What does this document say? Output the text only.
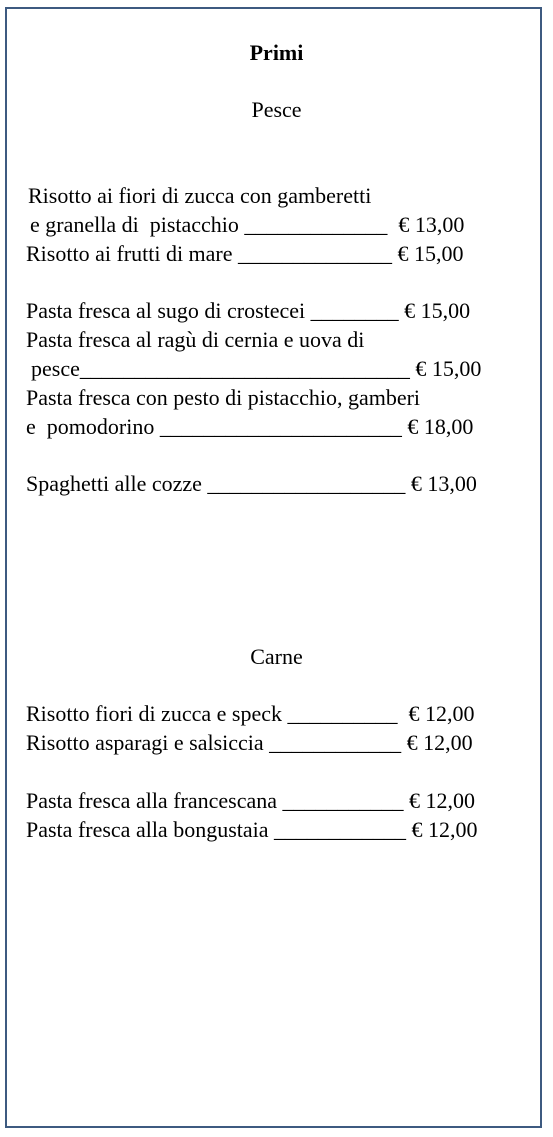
Primi
Pesce
Risotto ai fiori di zucca con gamberetti
e granella di  pistacchio _____________  € 13,00
Risotto ai frutti di mare ______________ € 15,00
Pasta fresca al sugo di crostecei ________ € 15,00
Pasta fresca al ragù di cernia e uova di
pesce______________________________ € 15,00
Pasta fresca con pesto di pistacchio, gamberi
e  pomodorino ______________________ € 18,00
Spaghetti alle cozze __________________ € 13,00
Carne
Risotto fiori di zucca e speck __________  € 12,00
Risotto asparagi e salsiccia ____________ € 12,00
Pasta fresca alla francescana ___________ € 12,00
Pasta fresca alla bongustaia ____________ € 12,00
